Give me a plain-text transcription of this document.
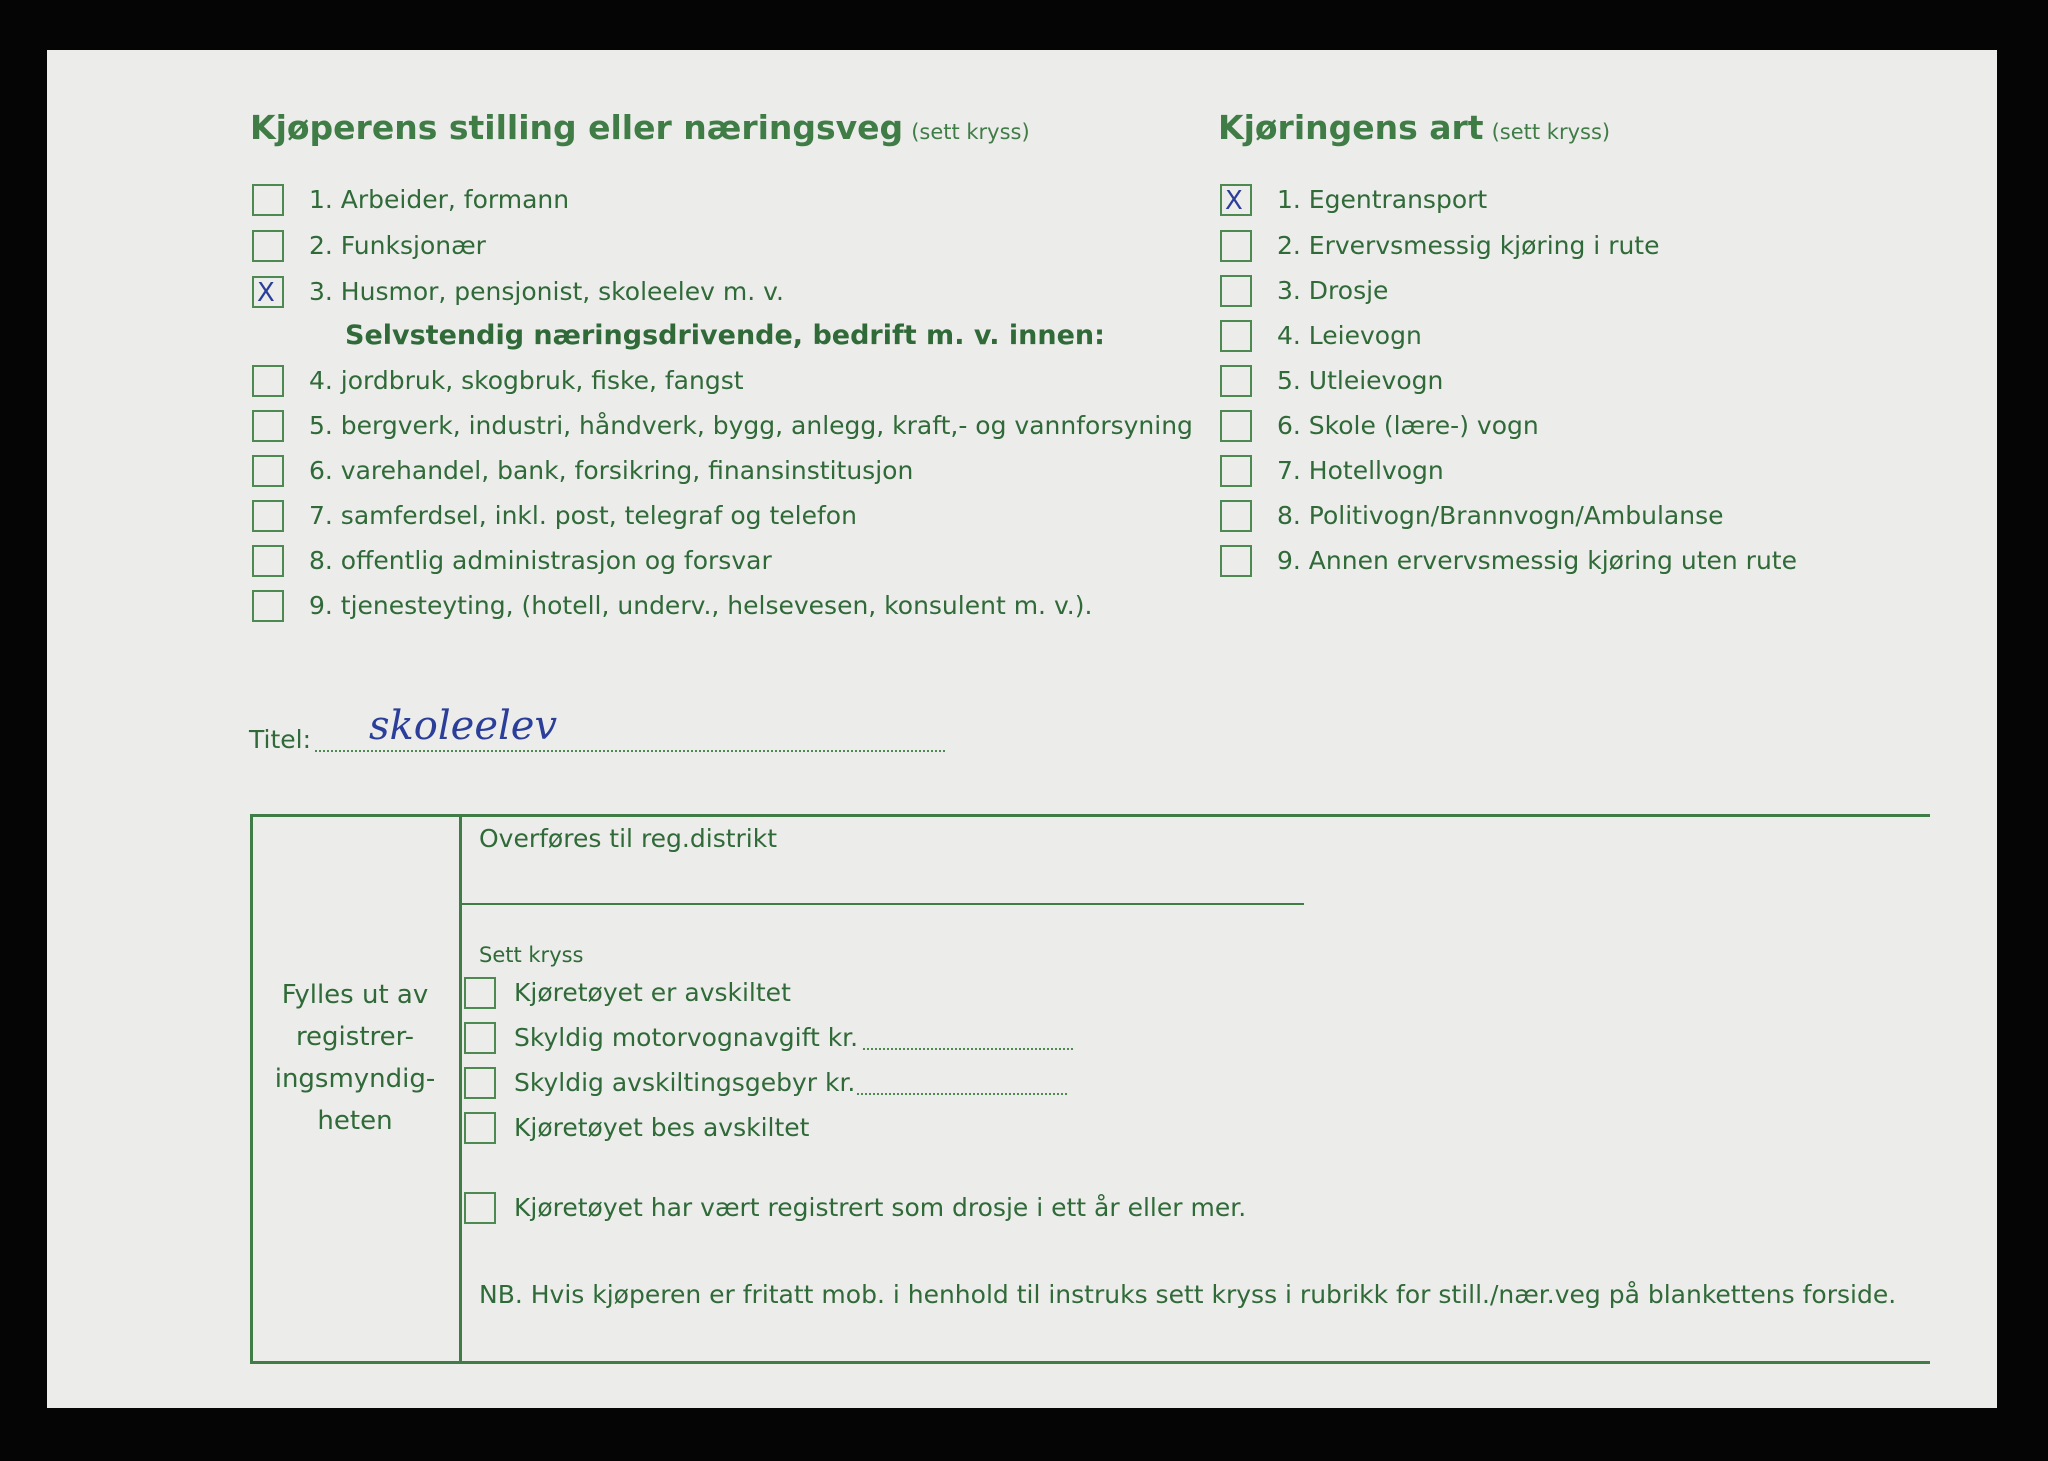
Kjøperens stilling eller næringsveg (sett kryss)
1. Arbeider, formann
2. Funksjonær
X 3. Husmor, pensjonist, skoleelev m. v.
Selvstendig næringsdrivende, bedrift m. v. innen:
4. jordbruk, skogbruk, fiske, fangst
5. bergverk, industri, håndverk, bygg, anlegg, kraft,- og vannforsyning
6. varehandel, bank, forsikring, finansinstitusjon
7. samferdsel, inkl. post, telegraf og telefon
8. offentlig administrasjon og forsvar
9. tjenesteyting, (hotell, underv., helsevesen, konsulent m. v.).
Kjøringens art (sett kryss)
X 1. Egentransport
2. Ervervsmessig kjøring i rute
3. Drosje
4. Leievogn
5. Utleievogn
6. Skole (lære-) vogn
7. Hotellvogn
8. Politivogn/Brannvogn/Ambulanse
9. Annen ervervsmessig kjøring uten rute
Titel: skoleelev
Fylles ut av registrer-ingsmyndig-heten
Overføres til reg.distrikt
Sett kryss
Kjøretøyet er avskiltet
Skyldig motorvognavgift kr.
Skyldig avskiltingsgebyr kr.
Kjøretøyet bes avskiltet
Kjøretøyet har vært registrert som drosje i ett år eller mer.
NB. Hvis kjøperen er fritatt mob. i henhold til instruks sett kryss i rubrikk for still./nær.veg på blankettens forside.
